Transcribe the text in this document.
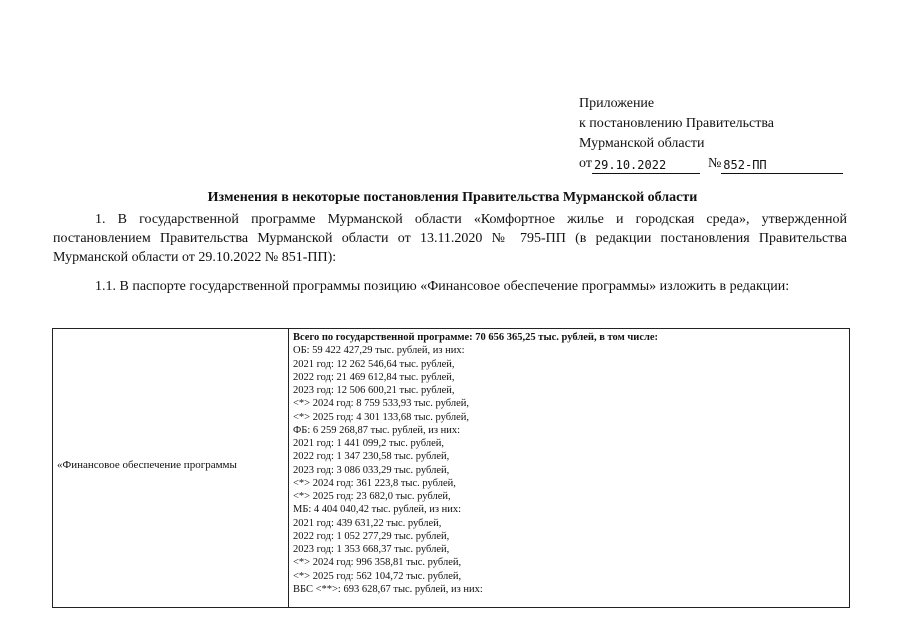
Приложение
к постановлению Правительства
Мурманской области
от 29.10.2022	№ 852-ПП
Изменения в некоторые постановления Правительства Мурманской области
1. В государственной программе Мурманской области «Комфортное жилье и городская среда», утвержденной постановлением Правительства Мурманской области от 13.11.2020 № 795-ПП (в редакции постановления Правительства Мурманской области от 29.10.2022 № 851-ПП):
1.1. В паспорте государственной программы позицию «Финансовое обеспечение программы» изложить в редакции:
«Финансовое обеспечение программы
Всего по государственной программе: 70 656 365,25 тыс. рублей, в том числе:
ОБ: 59 422 427,29 тыс. рублей, из них:
2021 год: 12 262 546,64 тыс. рублей,
2022 год: 21 469 612,84 тыс. рублей,
2023 год: 12 506 600,21 тыс. рублей,
<*> 2024 год: 8 759 533,93 тыс. рублей,
<*> 2025 год: 4 301 133,68 тыс. рублей,
ФБ: 6 259 268,87 тыс. рублей, из них:
2021 год: 1 441 099,2 тыс. рублей,
2022 год: 1 347 230,58 тыс. рублей,
2023 год: 3 086 033,29 тыс. рублей,
<*> 2024 год: 361 223,8 тыс. рублей,
<*> 2025 год: 23 682,0 тыс. рублей,
МБ: 4 404 040,42 тыс. рублей, из них:
2021 год: 439 631,22 тыс. рублей,
2022 год: 1 052 277,29 тыс. рублей,
2023 год: 1 353 668,37 тыс. рублей,
<*> 2024 год: 996 358,81 тыс. рублей,
<*> 2025 год: 562 104,72 тыс. рублей,
ВБС <**>: 693 628,67 тыс. рублей, из них:
